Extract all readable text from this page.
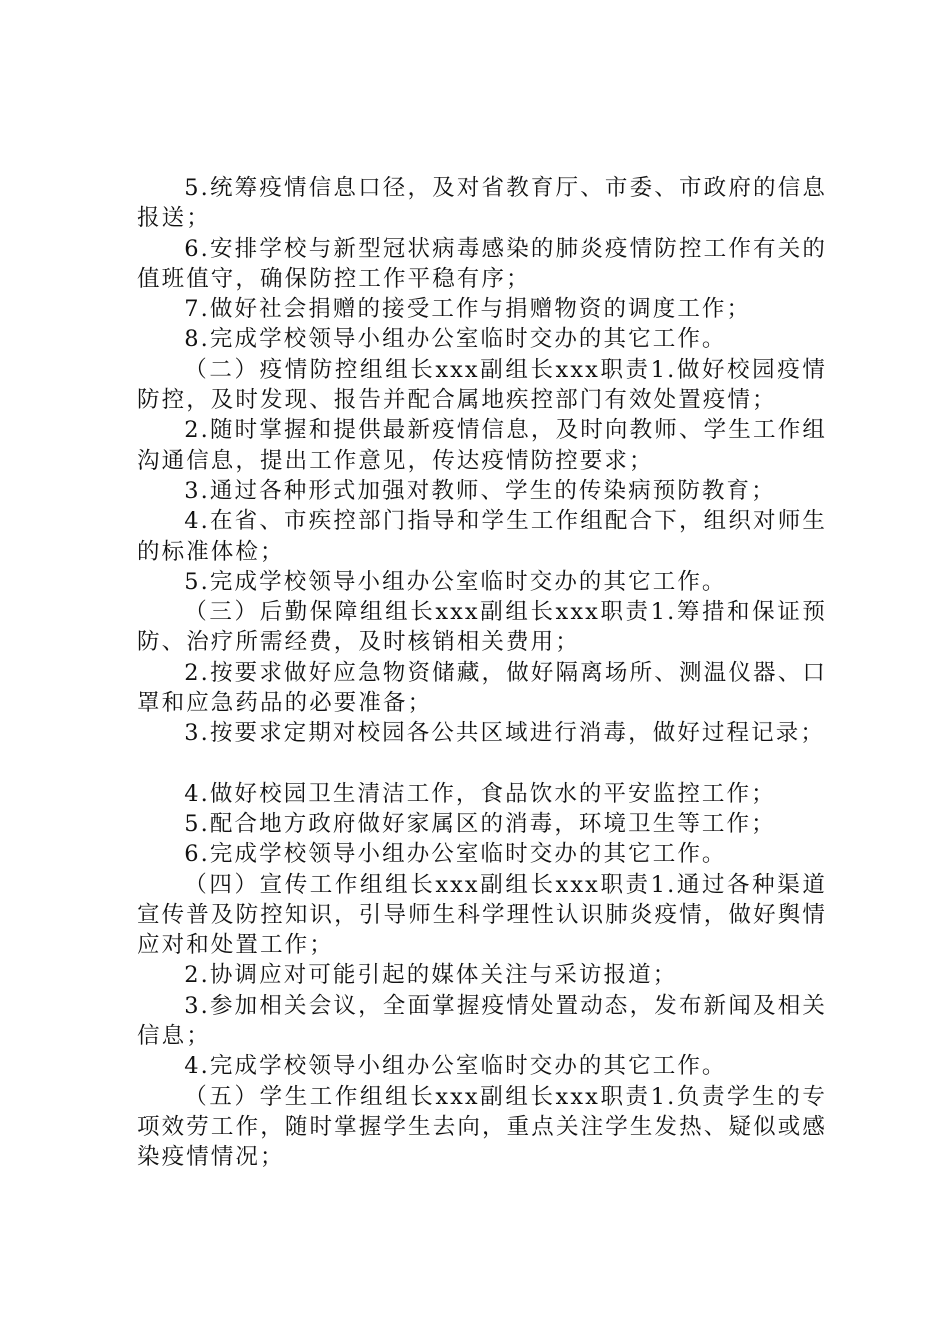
5.统筹疫情信息口径，及对省教育厅、市委、市政府的信息报送；

6.安排学校与新型冠状病毒感染的肺炎疫情防控工作有关的值班值守，确保防控工作平稳有序；

7.做好社会捐赠的接受工作与捐赠物资的调度工作；

8.完成学校领导小组办公室临时交办的其它工作。

（二）疫情防控组组长xxx副组长xxx职责1.做好校园疫情防控，及时发现、报告并配合属地疾控部门有效处置疫情；

2.随时掌握和提供最新疫情信息，及时向教师、学生工作组沟通信息，提出工作意见，传达疫情防控要求；

3.通过各种形式加强对教师、学生的传染病预防教育；

4.在省、市疾控部门指导和学生工作组配合下，组织对师生的标准体检；

5.完成学校领导小组办公室临时交办的其它工作。

（三）后勤保障组组长xxx副组长xxx职责1.筹措和保证预防、治疗所需经费，及时核销相关费用；

2.按要求做好应急物资储藏，做好隔离场所、测温仪器、口罩和应急药品的必要准备；

3.按要求定期对校园各公共区域进行消毒，做好过程记录；

4.做好校园卫生清洁工作，食品饮水的平安监控工作；

5.配合地方政府做好家属区的消毒，环境卫生等工作；

6.完成学校领导小组办公室临时交办的其它工作。

（四）宣传工作组组长xxx副组长xxx职责1.通过各种渠道宣传普及防控知识，引导师生科学理性认识肺炎疫情，做好舆情应对和处置工作；

2.协调应对可能引起的媒体关注与采访报道；

3.参加相关会议，全面掌握疫情处置动态，发布新闻及相关信息；

4.完成学校领导小组办公室临时交办的其它工作。

（五）学生工作组组长xxx副组长xxx职责1.负责学生的专项效劳工作，随时掌握学生去向，重点关注学生发热、疑似或感染疫情情况；
